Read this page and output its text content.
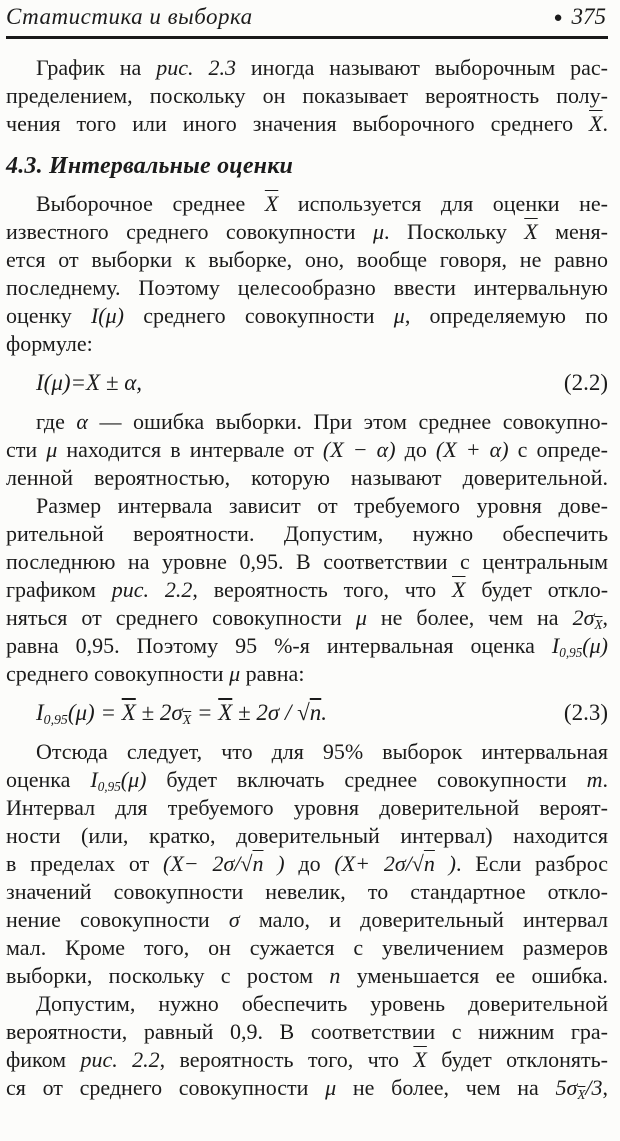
Статистика и выборка	● 375
График на рис. 2.3 иногда называют выборочным рас-
пределением, поскольку он показывает вероятность полу-
чения того или иного значения выборочного среднего $\overline{X}$.
4.3. Интервальные оценки
Выборочное среднее $\overline{X}$ используется для оценки не-
известного среднего совокупности μ. Поскольку $\overline{X}$ меня-
ется от выборки к выборке, оно, вообще говоря, не равно
последнему. Поэтому целесообразно ввести интервальную
оценку I(μ) среднего совокупности μ, определяемую по
формуле:
I(μ)=X ± α,	(2.2)
где α — ошибка выборки. При этом среднее совокупно-
сти μ находится в интервале от (X − α) до (X + α) с опреде-
ленной вероятностью, которую называют доверительной.
Размер интервала зависит от требуемого уровня дове-
рительной вероятности. Допустим, нужно обеспечить
последнюю на уровне 0,95. В соответствии с центральным
графиком рис. 2.2, вероятность того, что $\overline{X}$ будет откло-
няться от среднего совокупности μ не более, чем на $2\sigma_{\overline{X}}$,
равна 0,95. Поэтому 95 %-я интервальная оценка $I_{0,95}(\mu)$
среднего совокупности μ равна:
$I_{0,95}(\mu) = \overline{X} \pm 2\sigma_{\overline{X}} = \overline{X} \pm 2\sigma / √n$.	(2.3)
Отсюда следует, что для 95% выборок интервальная
оценка $I_{0,95}(\mu)$ будет включать среднее совокупности m.
Интервал для требуемого уровня доверительной вероят-
ности (или, кратко, доверительный интервал) находится
в пределах от (X− 2σ/√n ) до (X+ 2σ/√n ). Если разброс
значений совокупности невелик, то стандартное откло-
нение совокупности σ мало, и доверительный интервал
мал. Кроме того, он сужается с увеличением размеров
выборки, поскольку с ростом n уменьшается ее ошибка.
Допустим, нужно обеспечить уровень доверительной
вероятности, равный 0,9. В соответствии с нижним гра-
фиком рис. 2.2, вероятность того, что $\overline{X}$ будет отклонять-
ся от среднего совокупности μ не более, чем на $5\sigma_{\overline{X}}/3$,
